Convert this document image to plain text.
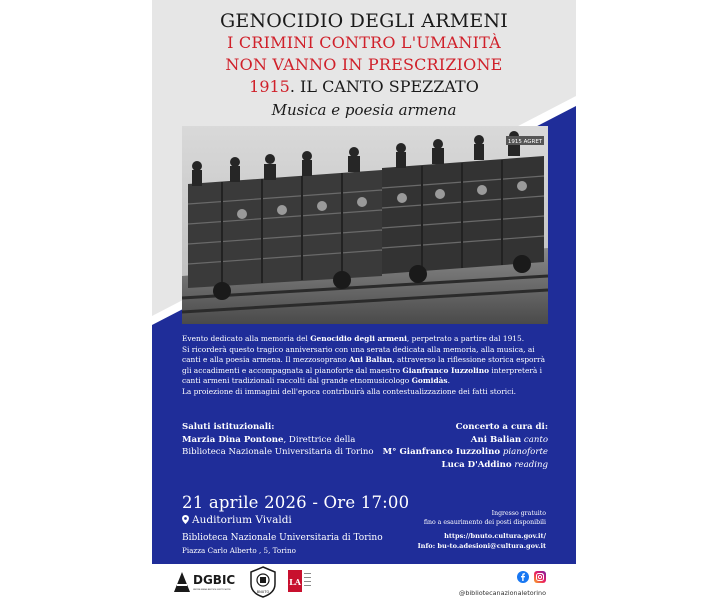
GENOCIDIO DEGLI ARMENI
I CRIMINI CONTRO L'UMANITÀ
NON VANNO IN PRESCRIZIONE
1915. IL CANTO SPEZZATO
Musica e poesia armena
1915 AGRET

Evento dedicato alla memoria del Genocidio degli armeni, perpetrato a partire dal 1915.

Si ricorderà questo tragico anniversario con una serata dedicata alla memoria, alla musica, ai canti e alla poesia armena. Il mezzosoprano Ani Balian, attraverso la riflessione storica esporrà gli accadimenti e accompagnata al pianoforte dal maestro Gianfranco Iuzzolino interpreterà i canti armeni tradizionali raccolti dal grande etnomusicologo Gomidàs.

La proiezione di immagini dell'epoca contribuirà alla contestualizzazione dei fatti storici.

Saluti istituzionali:
Marzia Dina Pontone, Direttrice della Biblioteca Nazionale Universitaria di Torino
Concerto a cura di:
Ani Balian canto
M° Gianfranco Iuzzolino pianoforte
Luca D'Addino reading
21 aprile 2026 - Ore 17:00
Auditorium Vivaldi
Biblioteca Nazionale Universitaria di Torino
Piazza Carlo Alberto , 5, Torino
Ingresso gratuito
fino a esaurimento dei posti disponibili
https://bnuto.cultura.gov.it/
Info: bu-to.adesioni@cultura.gov.it
DGBIC
DIREZIONE GENERALE BIBLIOTECHE E DIRITTO D'AUTORE	BNUTO
LA

@bibliotecanazionaletorino
